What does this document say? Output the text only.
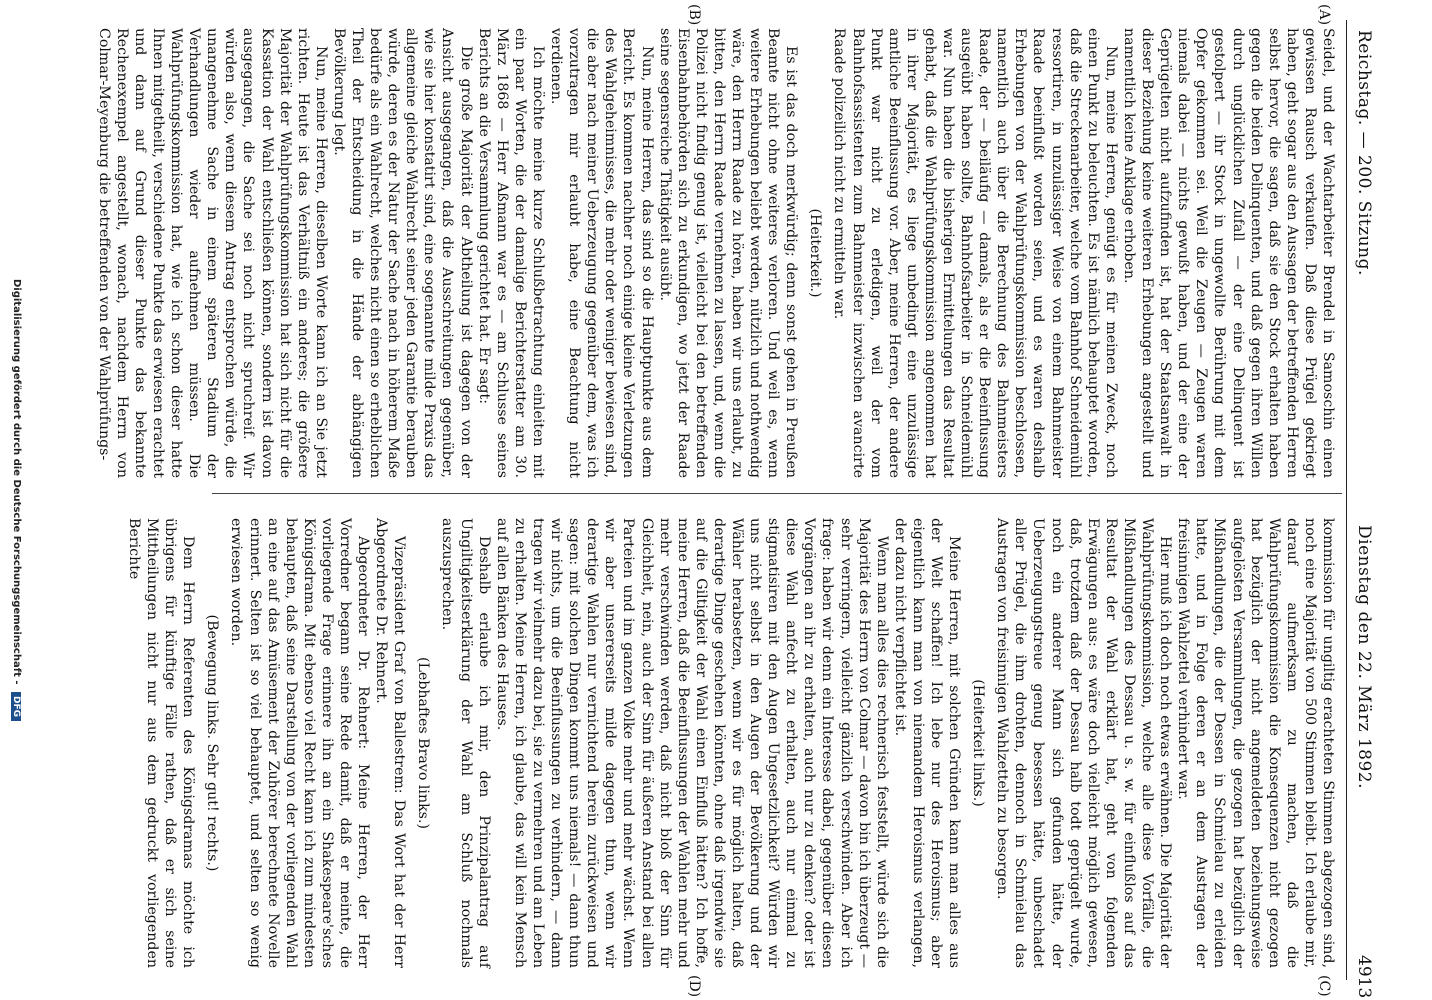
Reichstag. — 200. Sitzung.
Dienstag den 22. März 1892.
4913
(A)
(B)
(C)
(D)

Seidel, und der Wachtarbeiter Brendel in Samoschin einen gewissen Rausch verkaufen. Daß diese Prügel gekriegt haben, geht sogar aus den Aussagen der betreffenden Herren selbst hervor, die sagen, daß sie den Stock erhalten haben gegen die beiden Delinquenten, und daß gegen ihren Willen durch unglücklichen Zufall — der eine Delinquent ist gestolpert — ihr Stock in ungewollte Berührung mit dem Opfer gekommen sei. Weil die Zeugen — Zeugen waren niemals dabei — nichts gewußt haben, und der eine der Geprügelten nicht aufzufinden ist, hat der Staatsanwalt in dieser Beziehung keine weiteren Erhebungen angestellt und namentlich keine Anklage erhoben.

Nun, meine Herren, genügt es für meinen Zweck, noch einen Punkt zu beleuchten. Es ist nämlich behauptet worden, daß die Streckenarbeiter, welche vom Bahnhof Schneidemühl ressortiren, in unzulässiger Weise von einem Bahnmeister Raade beeinflußt worden seien, und es waren deshalb Erhebungen von der Wahlprüfungskommission beschlossen, namentlich auch über die Berechnung des Bahnmeisters Raade, der — beiläufig — damals, als er die Beeinflussung ausgeübt haben sollte, Bahnhofsarbeiter in Schneidemühl war. Nun haben die bisherigen Ermittelungen das Resultat gehabt, daß die Wahlprüfungskommission angenommen hat in ihrer Majorität, es liege unbedingt eine unzulässige amtliche Beeinflussung vor. Aber, meine Herren, der andere Punkt war nicht zu erledigen, weil der vom Bahnhofsassistenten zum Bahnmeister inzwischen avancirte Raade polizeilich nicht zu ermitteln war.

(Heiterkeit.)

Es ist das doch merkwürdig; denn sonst gehen in Preußen Beamte nicht ohne weiteres verloren. Und weil es, wenn weitere Erhebungen beliebt werden, nützlich und nothwendig wäre, den Herrn Raade zu hören, haben wir uns erlaubt, zu bitten, den Herrn Raade vernehmen zu lassen, und, wenn die Polizei nicht findig genug ist, vielleicht bei den betreffenden Eisenbahnbehörden sich zu erkundigen, wo jetzt der Raade seine segensreiche Thätigkeit ausübt.

Nun, meine Herren, das sind so die Hauptpunkte aus dem Bericht. Es kommen nachher noch einige kleine Verletzungen des Wahlgeheimnisses, die mehr oder weniger bewiesen sind, die aber nach meiner Ueberzeugung gegenüber dem, was ich vorzutragen mir erlaubt habe, eine Beachtung nicht verdienen.

Ich möchte meine kurze Schlußbetrachtung einleiten mit ein paar Worten, die der damalige Berichterstatter am 30. März 1868 — Herr Aßmann war es — am Schlusse seines Berichts an die Versammlung gerichtet hat. Er sagt:

Die große Majorität der Abtheilung ist dagegen von der Ansicht ausgegangen, daß die Ausschreitungen gegenüber, wie sie hier konstatirt sind, eine sogenannte milde Praxis das allgemeine gleiche Wahlrecht seiner jeden Garantie berauben würde, deren es der Natur der Sache nach in höherem Maße bedürfe als ein Wahlrecht, welches nicht einen so erheblichen Theil der Entscheidung in die Hände der abhängigen Bevölkerung legt.

Nun, meine Herren, dieselben Worte kann ich an Sie jetzt richten. Heute ist das Verhältniß ein anderes; die größere Majorität der Wahlprüfungskommission hat sich nicht für die Kassation der Wahl entschließen können, sondern ist davon ausgegangen, die Sache sei noch nicht spruchreif. Wir würden also, wenn diesem Antrag entsprochen würde, die unangenehme Sache in einem späteren Stadium der Verhandlungen wieder aufnehmen müssen. Die Wahlprüfungskommission hat, wie ich schon dieser hatte Ihnen mitgetheilt, verschiedene Punkte das erwiesen erachtet und dann auf Grund dieser Punkte das bekannte Rechenexempel angestellt, wonach, nachdem Herrn von Colmar-Meyenburg die betreffenden von der Wahlprüfungs-

kommission für ungiltig erachteten Stimmen abgezogen sind, noch eine Majorität von 500 Stimmen bleibt. Ich erlaube mir, darauf aufmerksam zu machen, daß die Wahlprüfungskommission die Konsequenzen nicht gezogen hat bezüglich der nicht angemeldeten beziehungsweise aufgelösten Versammlungen, die gezogen hat bezüglich der Mißhandlungen, die der Dessen in Schmielau zu erleiden hatte, und in Folge deren er an dem Austragen der freisinnigen Wahlzettel verhindert war.

Hier muß ich doch noch etwas erwähnen. Die Majorität der Wahlprüfungskommission, welche alle diese Vorfälle, die Mißhandlungen des Dessau u. s. w. für einflußlos auf das Resultat der Wahl erklärt hat, geht von folgenden Erwägungen aus: es wäre doch vielleicht möglich gewesen, daß, trotzdem daß der Dessau halb todt geprügelt wurde, noch ein anderer Mann sich gefunden hätte, der Ueberzeugungstreue genug besessen hätte, unbeschadet aller Prügel, die ihm drohten, dennoch in Schmielau das Austragen von freisinnigen Wahlzetteln zu besorgen.

(Heiterkeit links.)

Meine Herren, mit solchen Gründen kann man alles aus der Welt schaffen! Ich lebe nur des Heroismus; aber eigentlich kann man von niemandem Heroismus verlangen, der dazu nicht verpflichtet ist.

Wenn man alles dies rechnerisch feststellt, würde sich die Majorität des Herrn von Colmar — davon bin ich überzeugt — sehr verringern, vielleicht gänzlich verschwinden. Aber ich frage: haben wir denn ein Interesse dabei, gegenüber diesen Vorgängen an ihr zu erhalten, auch nur zu denken? oder ist diese Wahl anfecht zu erhalten, auch nur einmal zu stigmatisiren mit den Augen Ungesetzlichkeit? Würden wir uns nicht selbst in den Augen der Bevölkerung und der Wähler herabsetzen, wenn wir es für möglich halten, daß derartige Dinge geschehen könnten, ohne daß irgendwie sie auf die Giltigkeit der Wahl einen Einfluß hätten? Ich hoffe, meine Herren, daß die Beeinflussungen der Wahlen mehr und mehr verschwinden werden, daß nicht bloß der Sinn für Gleichheit, nein, auch der Sinn für äußeren Anstand bei allen Parteien und im ganzen Volke mehr und mehr wächst. Wenn wir aber unsererseits milde dagegen thun, wenn wir derartige Wahlen nur vernichtend herein zurückweisen und sagen: mit solchen Dingen kommt uns niemals! — dann thun wir nichts, um die Beeinflussungen zu verhindern, — dann tragen wir vielmehr dazu bei, sie zu vermehren und am Leben zu erhalten. Meine Herren, ich glaube, das will kein Mensch auf allen Bänken des Hauses.

Deshalb erlaube ich mir, den Prinzipalantrag auf Ungiltigkeitserklärung der Wahl am Schluß nochmals auszusprechen.

(Lebhaftes Bravo links.)

Vizepräsident Graf von Ballestrem: Das Wort hat der Herr Abgeordnete Dr. Rehnert.

Abgeordneter Dr. Rehnert: Meine Herren, der Herr Vorredner begann seine Rede damit, daß er meinte, die vorliegende Frage erinnere ihn an ein Shakespeare'sches Königsdrama. Mit ebenso viel Recht kann ich zum mindesten behaupten, daß seine Darstellung von der vorliegenden Wahl an eine auf das Amüsement der Zuhörer berechnete Novelle erinnert. Selten ist so viel behauptet, und selten so wenig erwiesen worden.

(Bewegung links. Sehr gut! rechts.)

Dem Herrn Referenten des Königsdramas möchte ich übrigens für künftige Fälle rathen, daß er sich seine Mittheilungen nicht nur aus dem gedruckt vorliegenden Berichte

Digitalisierung gefördert durch die Deutsche Forschungsgemeinschaft - DFG
